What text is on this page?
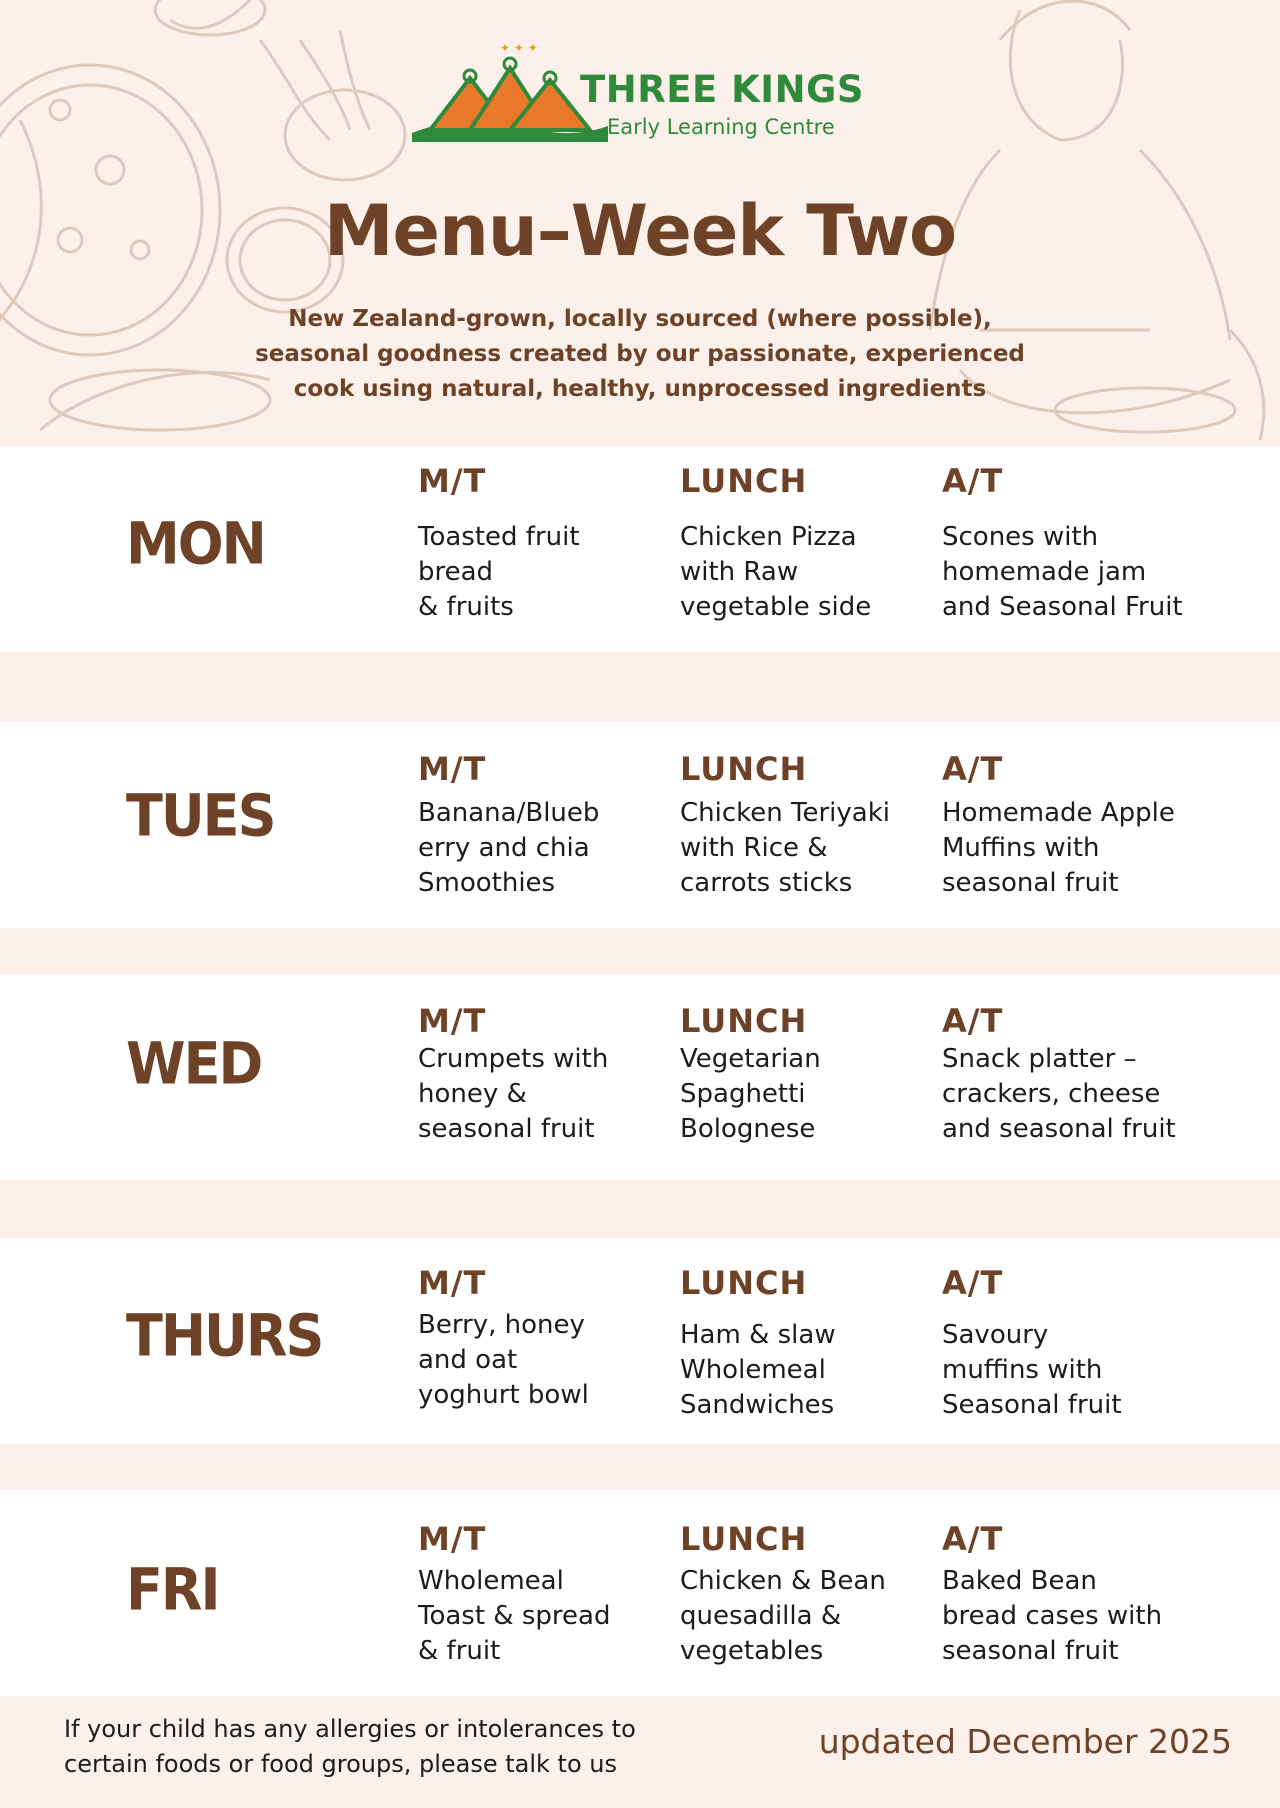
✦ ✦ ✦
THREE KINGS
Early Learning Centre
Menu–Week Two
New Zealand-grown, locally sourced (where possible),
seasonal goodness created by our passionate, experienced
cook using natural, healthy, unprocessed ingredients
MON
M/T
Toasted fruit
bread
& fruits
LUNCH
Chicken Pizza
with Raw
vegetable side
A/T
Scones with
homemade jam
and Seasonal Fruit
TUES
M/T
Banana/Blueb
erry and chia
Smoothies
LUNCH
Chicken Teriyaki
with Rice &
carrots sticks
A/T
Homemade Apple
Muffins with
seasonal fruit
WED
M/T
Crumpets with
honey &
seasonal fruit
LUNCH
Vegetarian
Spaghetti
Bolognese
A/T
Snack platter –
crackers, cheese
and seasonal fruit
THURS
M/T
Berry, honey
and oat
yoghurt bowl
LUNCH
Ham & slaw
Wholemeal
Sandwiches
A/T
Savoury
muffins with
Seasonal fruit
FRI
M/T
Wholemeal
Toast & spread
& fruit
LUNCH
Chicken & Bean
quesadilla &
vegetables
A/T
Baked Bean
bread cases with
seasonal fruit
If your child has any allergies or intolerances to
certain foods or food groups, please talk to us
updated December 2025
